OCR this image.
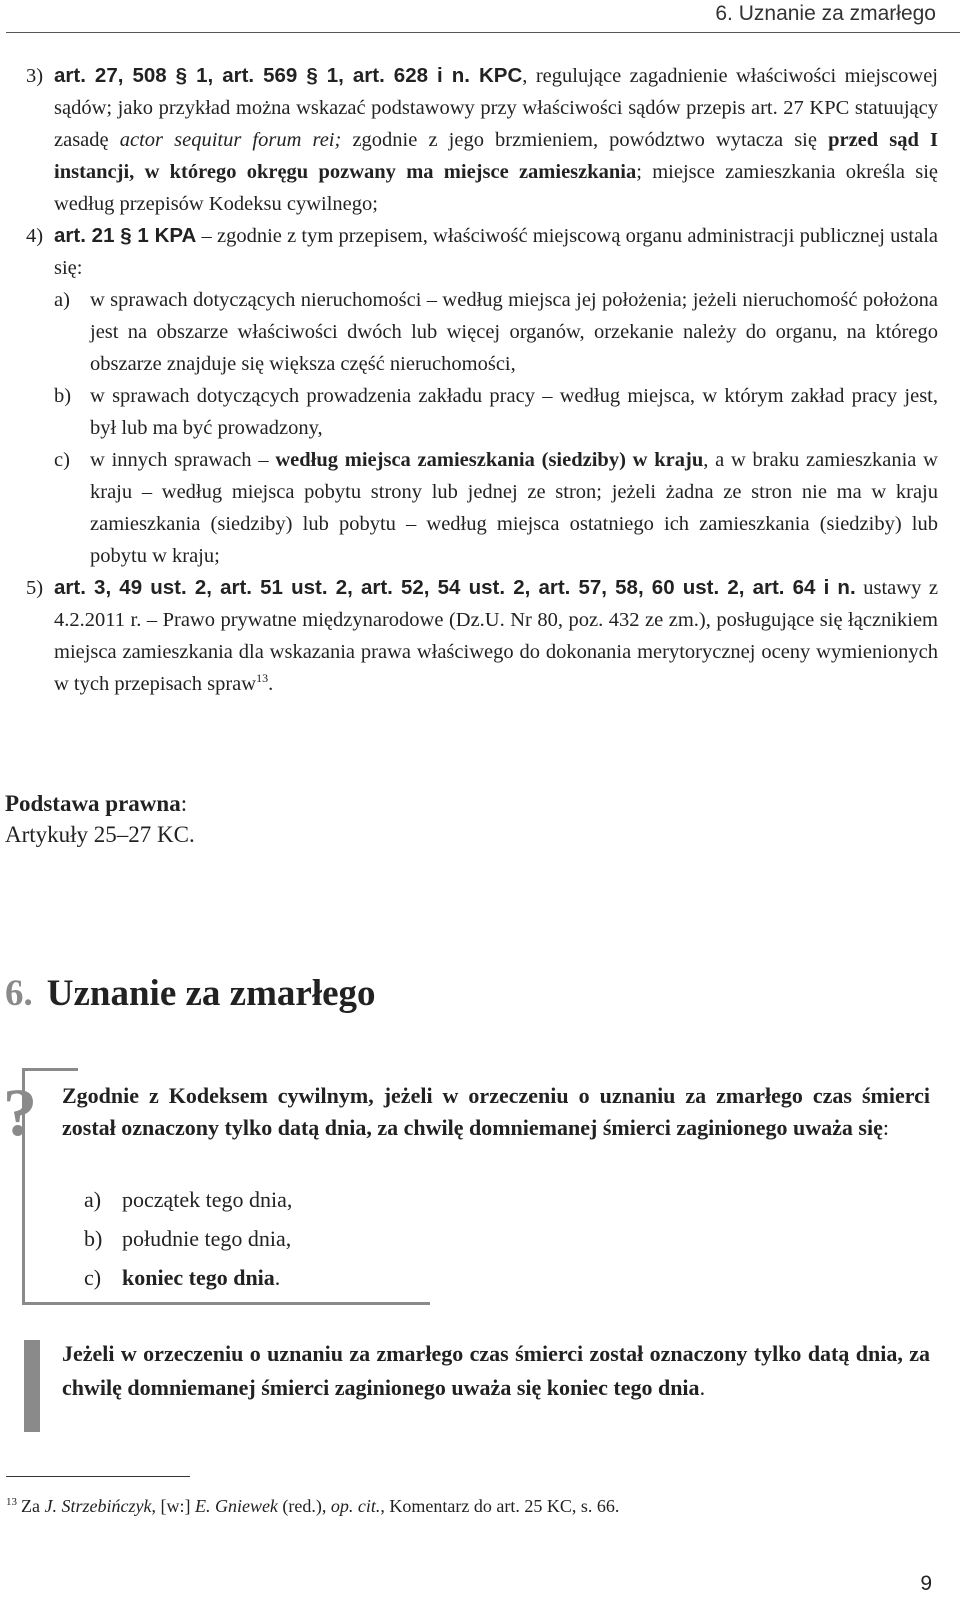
6. Uznanie za zmarłego
3) art. 27, 508 § 1, art. 569 § 1, art. 628 i n. KPC, regulujące zagadnienie właściwości miejscowej sądów; jako przykład można wskazać podstawowy przy właściwości sądów przepis art. 27 KPC statuujący zasadę actor sequitur forum rei; zgodnie z jego brzmieniem, powództwo wytacza się przed sąd I instancji, w którego okręgu pozwany ma miejsce zamieszkania; miejsce zamieszkania określa się według przepisów Kodeksu cywilnego;
4) art. 21 § 1 KPA – zgodnie z tym przepisem, właściwość miejscową organu administracji publicznej ustala się:
a) w sprawach dotyczących nieruchomości – według miejsca jej położenia; jeżeli nieruchomość położona jest na obszarze właściwości dwóch lub więcej organów, orzekanie należy do organu, na którego obszarze znajduje się większa część nieruchomości,
b) w sprawach dotyczących prowadzenia zakładu pracy – według miejsca, w którym zakład pracy jest, był lub ma być prowadzony,
c) w innych sprawach – według miejsca zamieszkania (siedziby) w kraju, a w braku zamieszkania w kraju – według miejsca pobytu strony lub jednej ze stron; jeżeli żadna ze stron nie ma w kraju zamieszkania (siedziby) lub pobytu – według miejsca ostatniego ich zamieszkania (siedziby) lub pobytu w kraju;
5) art. 3, 49 ust. 2, art. 51 ust. 2, art. 52, 54 ust. 2, art. 57, 58, 60 ust. 2, art. 64 i n. ustawy z 4.2.2011 r. – Prawo prywatne międzynarodowe (Dz.U. Nr 80, poz. 432 ze zm.), posługujące się łącznikiem miejsca zamieszkania dla wskazania prawa właściwego do dokonania merytorycznej oceny wymienionych w tych przepisach spraw$^{13}$.
Podstawa prawna:
Artykuły 25–27 KC.
6. Uznanie za zmarłego
? Zgodnie z Kodeksem cywilnym, jeżeli w orzeczeniu o uznaniu za zmarłego czas śmierci został oznaczony tylko datą dnia, za chwilę domniemanej śmierci zaginionego uważa się:
a) początek tego dnia,
b) południe tego dnia,
c) koniec tego dnia .
Jeżeli w orzeczeniu o uznaniu za zmarłego czas śmierci został oznaczony tylko datą dnia, za chwilę domniemanej śmierci zaginionego uważa się koniec tego dnia.
$^{13}$ Za J. Strzebińczyk, [w:] E. Gniewek (red.), op. cit., Komentarz do art. 25 KC, s. 66.
9
